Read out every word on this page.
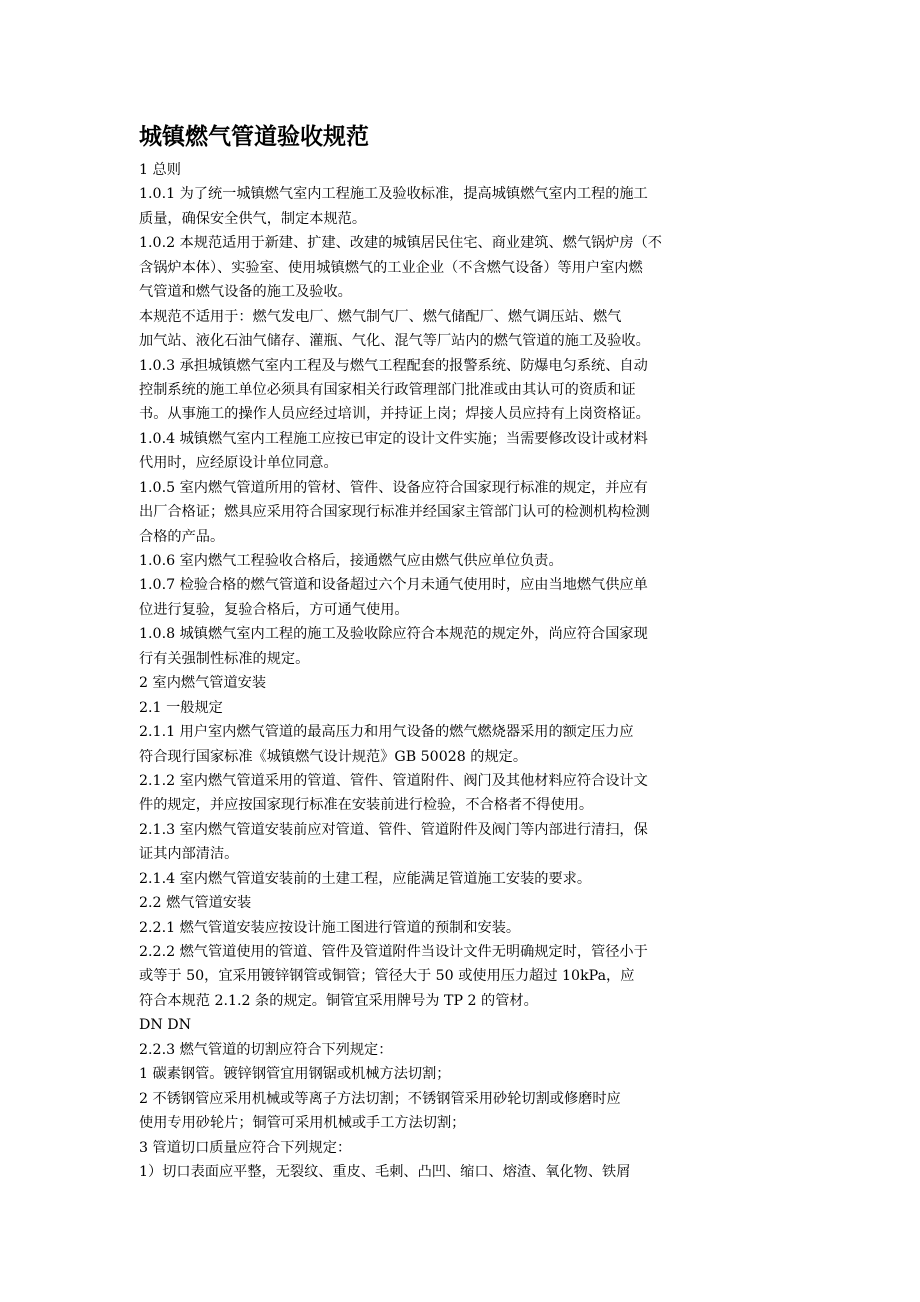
城镇燃气管道验收规范
1 总则
1.0.1 为了统一城镇燃气室内工程施工及验收标准，提高城镇燃气室内工程的施工
质量，确保安全供气，制定本规范。
1.0.2 本规范适用于新建、扩建、改建的城镇居民住宅、商业建筑、燃气锅炉房（不
含锅炉本体）、实验室、使用城镇燃气的工业企业（不含燃气设备）等用户室内燃
气管道和燃气设备的施工及验收。
本规范不适用于：燃气发电厂、燃气制气厂、燃气储配厂、燃气调压站、燃气
加气站、液化石油气储存、灌瓶、气化、混气等厂站内的燃气管道的施工及验收。
1.0.3 承担城镇燃气室内工程及与燃气工程配套的报警系统、防爆电匀系统、自动
控制系统的施工单位必须具有国家相关行政管理部门批准或由其认可的资质和证
书。从事施工的操作人员应经过培训，并持证上岗；焊接人员应持有上岗资格证。
1.0.4 城镇燃气室内工程施工应按已审定的设计文件实施；当需要修改设计或材料
代用时，应经原设计单位同意。
1.0.5 室内燃气管道所用的管材、管件、设备应符合国家现行标准的规定，并应有
出厂合格证；燃具应采用符合国家现行标准并经国家主管部门认可的检测机构检测
合格的产品。
1.0.6 室内燃气工程验收合格后，接通燃气应由燃气供应单位负责。
1.0.7 检验合格的燃气管道和设备超过六个月未通气使用时，应由当地燃气供应单
位进行复验，复验合格后，方可通气使用。
1.0.8 城镇燃气室内工程的施工及验收除应符合本规范的规定外，尚应符合国家现
行有关强制性标准的规定。
2 室内燃气管道安装
2.1 一般规定
2.1.1 用户室内燃气管道的最高压力和用气设备的燃气燃烧器采用的额定压力应
符合现行国家标准《城镇燃气设计规范》GB 50028 的规定。
2.1.2 室内燃气管道采用的管道、管件、管道附件、阀门及其他材料应符合设计文
件的规定，并应按国家现行标准在安装前进行检验，不合格者不得使用。
2.1.3 室内燃气管道安装前应对管道、管件、管道附件及阀门等内部进行清扫，保
证其内部清洁。
2.1.4 室内燃气管道安装前的土建工程，应能满足管道施工安装的要求。
2.2 燃气管道安装
2.2.1 燃气管道安装应按设计施工图进行管道的预制和安装。
2.2.2 燃气管道使用的管道、管件及管道附件当设计文件无明确规定时，管径小于
或等于 50，宜采用镀锌钢管或铜管；管径大于 50 或使用压力超过 10kPa，应
符合本规范 2.1.2 条的规定。铜管宜采用牌号为 TP 2 的管材。
DN DN
2.2.3 燃气管道的切割应符合下列规定：
1 碳素钢管。镀锌钢管宜用钢锯或机械方法切割；
2 不锈钢管应采用机械或等离子方法切割；不锈钢管采用砂轮切割或修磨时应
使用专用砂轮片；铜管可采用机械或手工方法切割；
3 管道切口质量应符合下列规定：
1）切口表面应平整，无裂纹、重皮、毛刺、凸凹、缩口、熔渣、氧化物、铁屑
